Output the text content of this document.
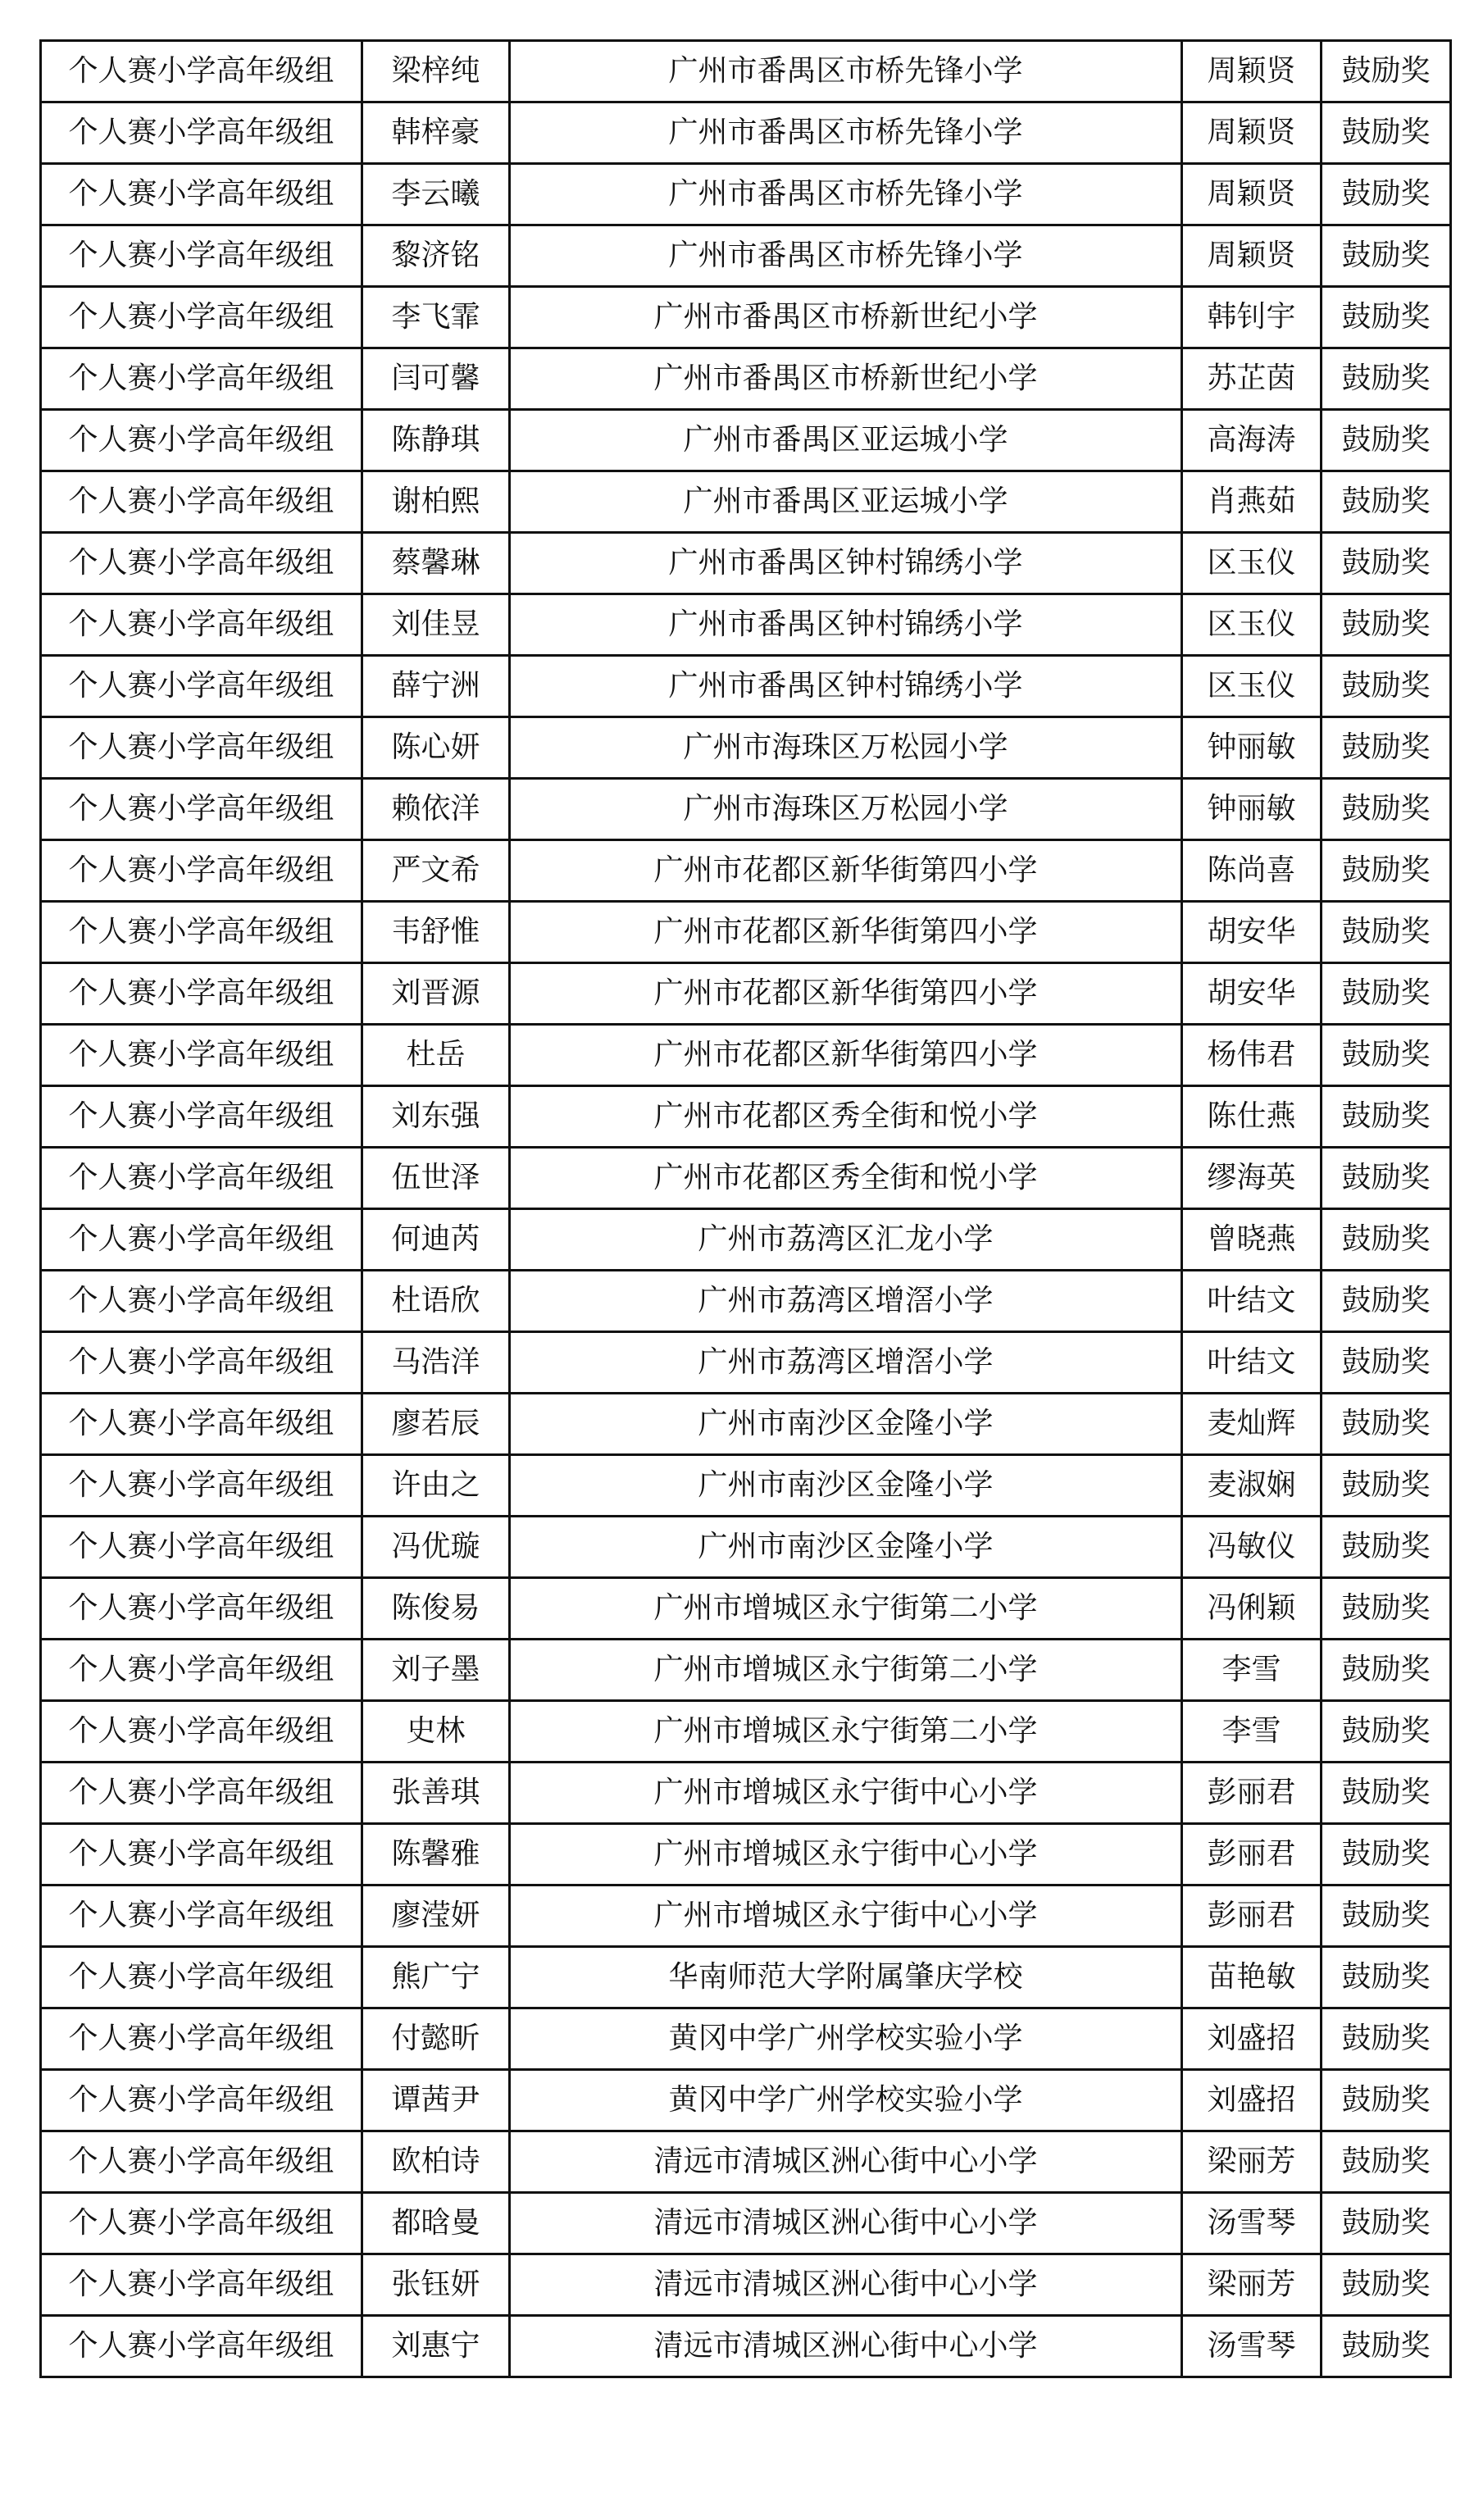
个人赛小学高年级组	梁梓纯	广州市番禺区市桥先锋小学	周颖贤	鼓励奖
个人赛小学高年级组	韩梓豪	广州市番禺区市桥先锋小学	周颖贤	鼓励奖
个人赛小学高年级组	李云曦	广州市番禺区市桥先锋小学	周颖贤	鼓励奖
个人赛小学高年级组	黎济铭	广州市番禺区市桥先锋小学	周颖贤	鼓励奖
个人赛小学高年级组	李飞霏	广州市番禺区市桥新世纪小学	韩钊宇	鼓励奖
个人赛小学高年级组	闫可馨	广州市番禺区市桥新世纪小学	苏芷茵	鼓励奖
个人赛小学高年级组	陈静琪	广州市番禺区亚运城小学	高海涛	鼓励奖
个人赛小学高年级组	谢柏熙	广州市番禺区亚运城小学	肖燕茹	鼓励奖
个人赛小学高年级组	蔡馨琳	广州市番禺区钟村锦绣小学	区玉仪	鼓励奖
个人赛小学高年级组	刘佳昱	广州市番禺区钟村锦绣小学	区玉仪	鼓励奖
个人赛小学高年级组	薛宁洲	广州市番禺区钟村锦绣小学	区玉仪	鼓励奖
个人赛小学高年级组	陈心妍	广州市海珠区万松园小学	钟丽敏	鼓励奖
个人赛小学高年级组	赖依洋	广州市海珠区万松园小学	钟丽敏	鼓励奖
个人赛小学高年级组	严文希	广州市花都区新华街第四小学	陈尚喜	鼓励奖
个人赛小学高年级组	韦舒惟	广州市花都区新华街第四小学	胡安华	鼓励奖
个人赛小学高年级组	刘晋源	广州市花都区新华街第四小学	胡安华	鼓励奖
个人赛小学高年级组	杜岳	广州市花都区新华街第四小学	杨伟君	鼓励奖
个人赛小学高年级组	刘东强	广州市花都区秀全街和悦小学	陈仕燕	鼓励奖
个人赛小学高年级组	伍世泽	广州市花都区秀全街和悦小学	缪海英	鼓励奖
个人赛小学高年级组	何迪芮	广州市荔湾区汇龙小学	曾晓燕	鼓励奖
个人赛小学高年级组	杜语欣	广州市荔湾区增滘小学	叶结文	鼓励奖
个人赛小学高年级组	马浩洋	广州市荔湾区增滘小学	叶结文	鼓励奖
个人赛小学高年级组	廖若辰	广州市南沙区金隆小学	麦灿辉	鼓励奖
个人赛小学高年级组	许由之	广州市南沙区金隆小学	麦淑娴	鼓励奖
个人赛小学高年级组	冯优璇	广州市南沙区金隆小学	冯敏仪	鼓励奖
个人赛小学高年级组	陈俊易	广州市增城区永宁街第二小学	冯俐颖	鼓励奖
个人赛小学高年级组	刘子墨	广州市增城区永宁街第二小学	李雪	鼓励奖
个人赛小学高年级组	史林	广州市增城区永宁街第二小学	李雪	鼓励奖
个人赛小学高年级组	张善琪	广州市增城区永宁街中心小学	彭丽君	鼓励奖
个人赛小学高年级组	陈馨雅	广州市增城区永宁街中心小学	彭丽君	鼓励奖
个人赛小学高年级组	廖滢妍	广州市增城区永宁街中心小学	彭丽君	鼓励奖
个人赛小学高年级组	熊广宁	华南师范大学附属肇庆学校	苗艳敏	鼓励奖
个人赛小学高年级组	付懿昕	黄冈中学广州学校实验小学	刘盛招	鼓励奖
个人赛小学高年级组	谭茜尹	黄冈中学广州学校实验小学	刘盛招	鼓励奖
个人赛小学高年级组	欧柏诗	清远市清城区洲心街中心小学	梁丽芳	鼓励奖
个人赛小学高年级组	都晗曼	清远市清城区洲心街中心小学	汤雪琴	鼓励奖
个人赛小学高年级组	张钰妍	清远市清城区洲心街中心小学	梁丽芳	鼓励奖
个人赛小学高年级组	刘惠宁	清远市清城区洲心街中心小学	汤雪琴	鼓励奖
